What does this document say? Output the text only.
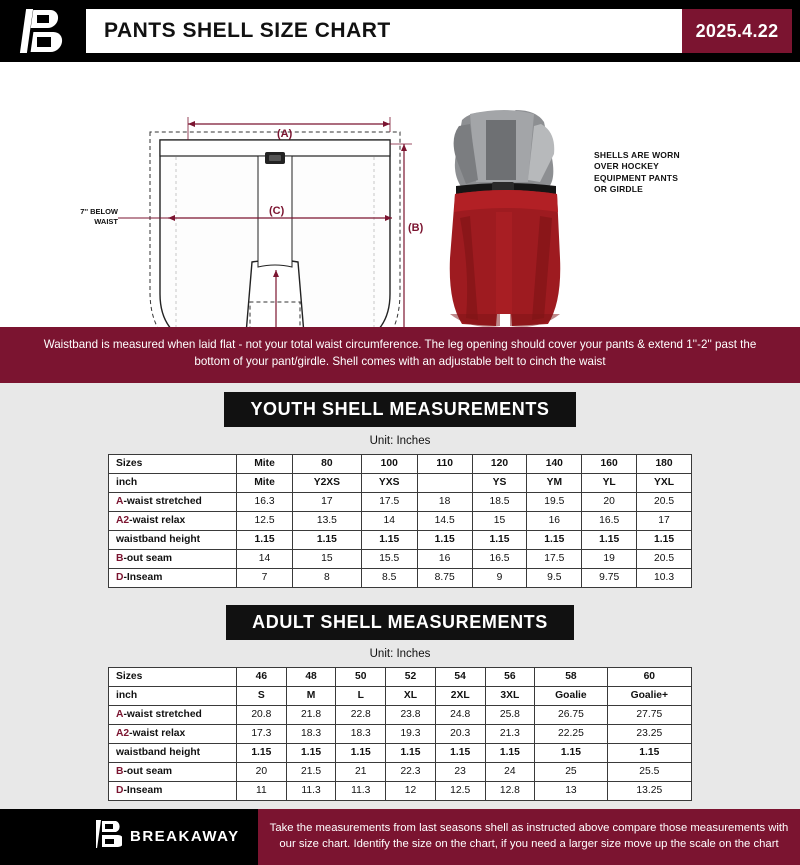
PANTS SHELL SIZE CHART	2025.4.22
(A)
(B)
(C)
7'' BELOW
WAIST
SHELLS ARE WORN
OVER HOCKEY
EQUIPMENT PANTS
OR GIRDLE
Waistband is measured when laid flat - not your total waist circumference. The leg opening should cover your pants & extend 1''-2'' past the bottom of your pant/girdle. Shell comes with an adjustable belt to cinch the waist
YOUTH SHELL MEASUREMENTS
Unit: Inches
Sizes	Mite	80	100	110	120	140	160	180
inch	Mite	Y2XS	YXS		YS	YM	YL	YXL
A-waist stretched	16.3	17	17.5	18	18.5	19.5	20	20.5
A2-waist relax	12.5	13.5	14	14.5	15	16	16.5	17
waistband height	1.15	1.15	1.15	1.15	1.15	1.15	1.15	1.15
B-out seam	14	15	15.5	16	16.5	17.5	19	20.5
D-Inseam	7	8	8.5	8.75	9	9.5	9.75	10.3
ADULT SHELL MEASUREMENTS
Unit: Inches
Sizes	46	48	50	52	54	56	58	60
inch	S	M	L	XL	2XL	3XL	Goalie	Goalie+
A-waist stretched	20.8	21.8	22.8	23.8	24.8	25.8	26.75	27.75
A2-waist relax	17.3	18.3	18.3	19.3	20.3	21.3	22.25	23.25
waistband height	1.15	1.15	1.15	1.15	1.15	1.15	1.15	1.15
B-out seam	20	21.5	21	22.3	23	24	25	25.5
D-Inseam	11	11.3	11.3	12	12.5	12.8	13	13.25
BREAKAWAY
Take the measurements from last seasons shell as instructed above compare those measurements with our size chart. Identify the size on the chart, if you need a larger size move up the scale on the chart
